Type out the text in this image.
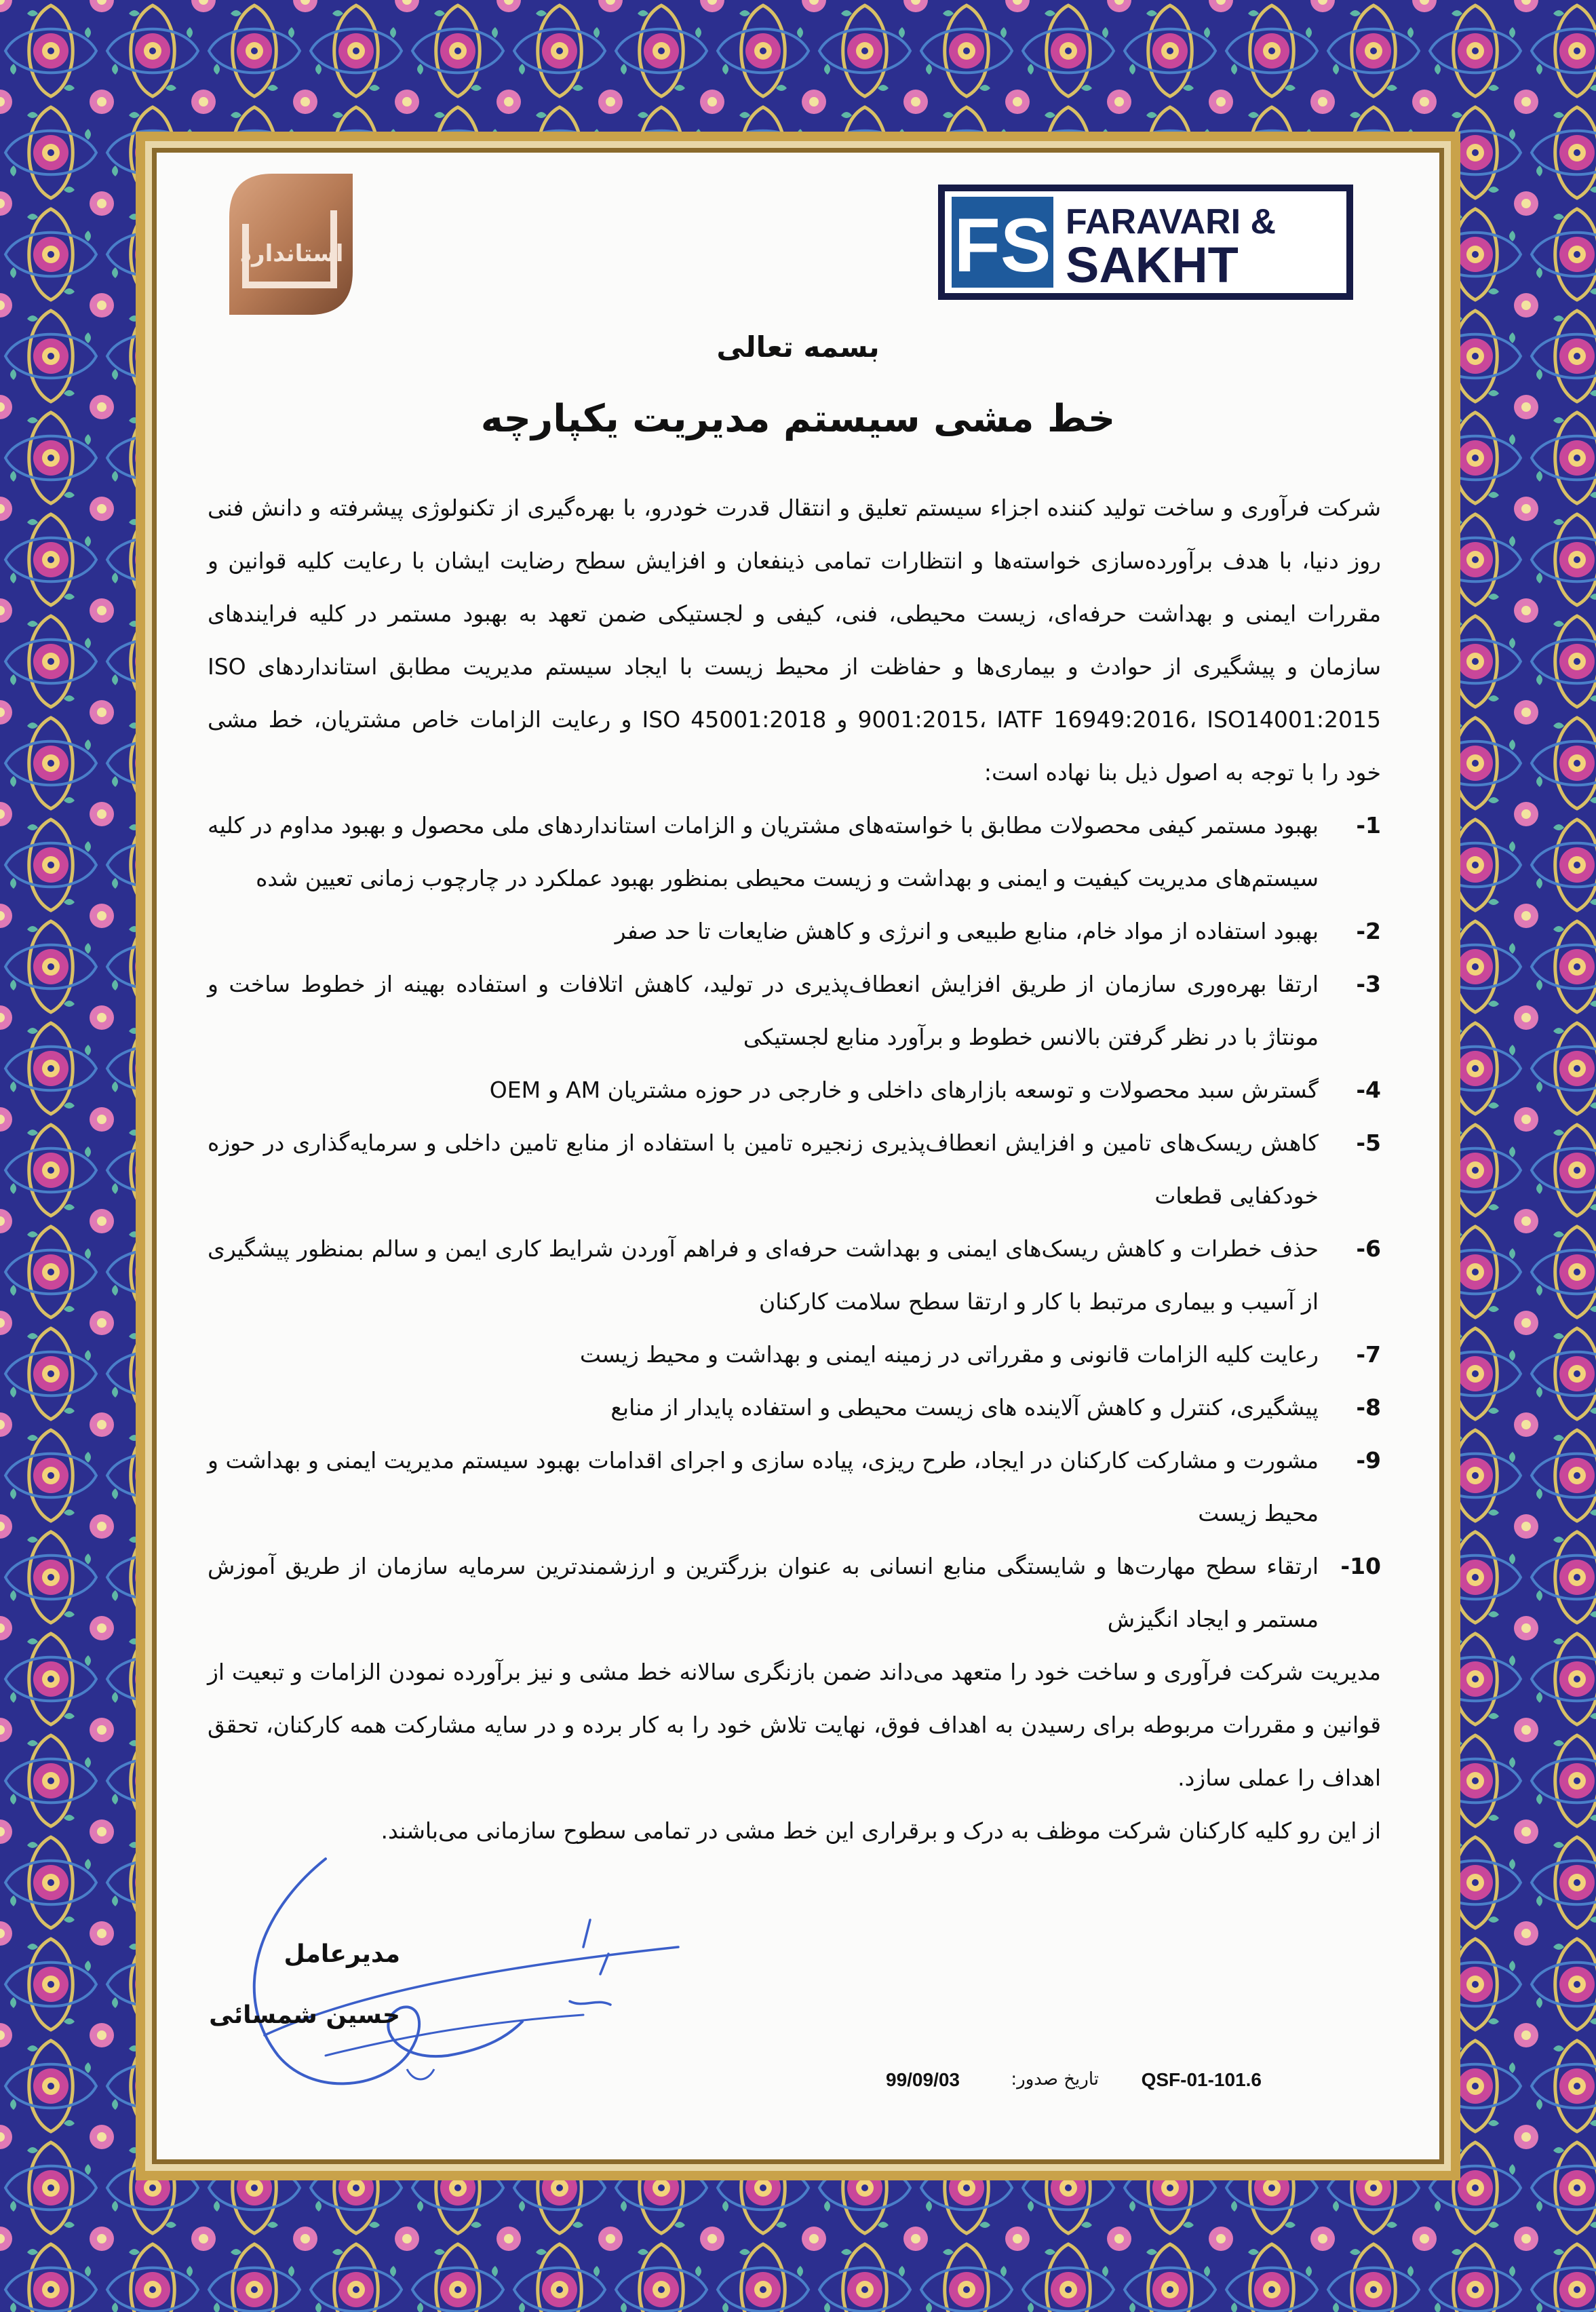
استاندارد	FS FARAVARI &
SAKHT
بسمه تعالی
خط مشی سیستم مدیریت یکپارچه

شرکت فرآوری و ساخت تولید کننده اجزاء سیستم تعلیق و انتقال قدرت خودرو، با بهره‌گیری از تکنولوژی پیشرفته و دانش فنی روز دنیا، با هدف برآورده‌سازی خواسته‌ها و انتظارات تمامی ذینفعان و افزایش سطح رضایت ایشان با رعایت کلیه قوانین و مقررات ایمنی و بهداشت حرفه‌ای، زیست محیطی، فنی، کیفی و لجستیکی ضمن تعهد به بهبود مستمر در کلیه فرایندهای سازمان و پیشگیری از حوادث و بیماری‌ها و حفاظت از محیط زیست با ایجاد سیستم مدیریت مطابق استانداردهای ISO 9001:2015، IATF 16949:2016، ISO14001:2015 و ISO 45001:2018 و رعایت الزامات خاص مشتریان، خط مشی خود را با توجه به اصول ذیل بنا نهاده است:

1-
بهبود مستمر کیفی محصولات مطابق با خواسته‌های مشتریان و الزامات استانداردهای ملی محصول و بهبود مداوم در کلیه سیستم‌های مدیریت کیفیت و ایمنی و بهداشت و زیست محیطی بمنظور بهبود عملکرد در چارچوب زمانی تعیین شده
2-
بهبود استفاده از مواد خام، منابع طبیعی و انرژی و کاهش ضایعات تا حد صفر
3-
ارتقا بهره‌وری سازمان از طریق افزایش انعطاف‌پذیری در تولید، کاهش اتلافات و استفاده بهینه از خطوط ساخت و مونتاژ با در نظر گرفتن بالانس خطوط و برآورد منابع لجستیکی
4-
گسترش سبد محصولات و توسعه بازارهای داخلی و خارجی در حوزه مشتریان AM و OEM
5-
کاهش ریسک‌های تامین و افزایش انعطاف‌پذیری زنجیره تامین با استفاده از منابع تامین داخلی و سرمایه‌گذاری در حوزه خودکفایی قطعات
6-
حذف خطرات و کاهش ریسک‌های ایمنی و بهداشت حرفه‌ای و فراهم آوردن شرایط کاری ایمن و سالم بمنظور پیشگیری از آسیب و بیماری مرتبط با کار و ارتقا سطح سلامت کارکنان
7-
رعایت کلیه الزامات قانونی و مقرراتی در زمینه ایمنی و بهداشت و محیط زیست
8-
پیشگیری، کنترل و کاهش آلاینده های زیست محیطی و استفاده پایدار از منابع
9-
مشورت و مشارکت کارکنان در ایجاد، طرح ریزی، پیاده سازی و اجرای اقدامات بهبود سیستم مدیریت ایمنی و بهداشت و محیط زیست
10-
ارتقاء سطح مهارت‌ها و شایستگی منابع انسانی به عنوان بزرگترین و ارزشمندترین سرمایه سازمان از طریق آموزش مستمر و ایجاد انگیزش

مدیریت شرکت فرآوری و ساخت خود را متعهد می‌داند ضمن بازنگری سالانه خط مشی و نیز برآورده نمودن الزامات و تبعیت از قوانین و مقررات مربوطه برای رسیدن به اهداف فوق، نهایت تلاش خود را به کار برده و در سایه مشارکت همه کارکنان، تحقق اهداف را عملی سازد.

از این رو کلیه کارکنان شرکت موظف به درک و برقراری این خط مشی در تمامی سطوح سازمانی می‌باشند.

مدیرعامل
حسین شمسائی
QSF-01-101.6
تاریخ صدور:
99/09/03
